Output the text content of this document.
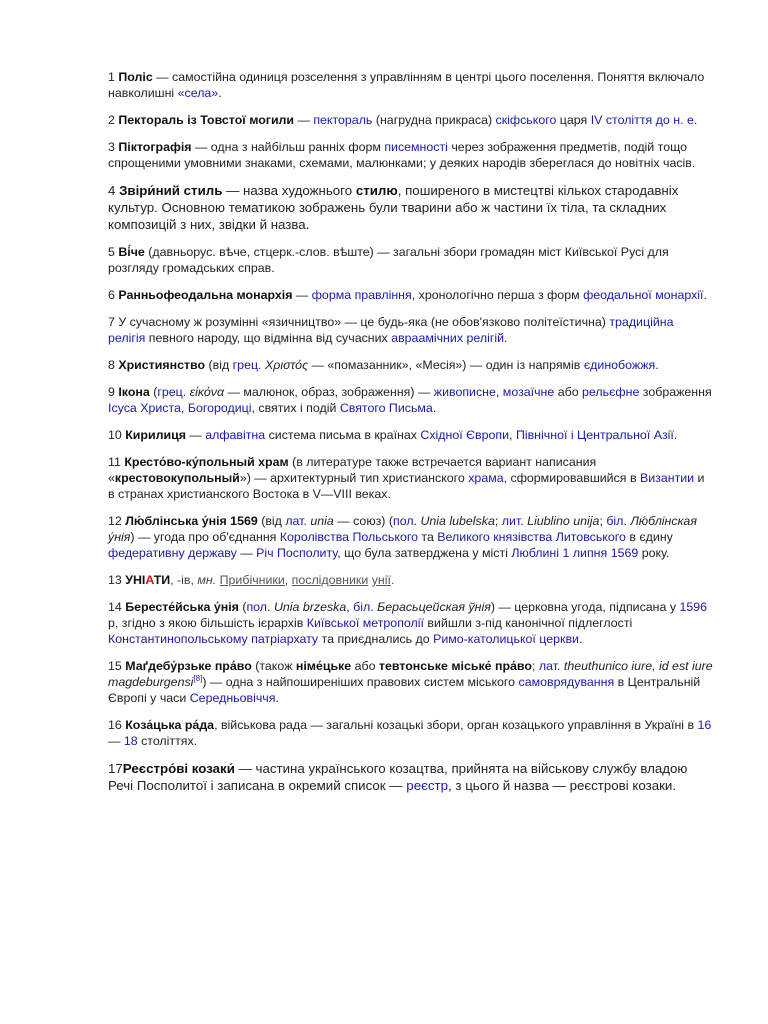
1 Поліс — самостійна одиниця розселення з управлінням в центрі цього поселення. Поняття включало навколишні «села».

2 Пектораль із Товстої могили — пектораль (нагрудна прикраса) скіфського царя IV століття до н. е.

3 Піктографія — одна з найбільш ранніх форм писемності через зображення предметів, подій тощо спрощеними умовними знаками, схемами, малюнками; у деяких народів збереглася до новітніх часів.

4 Звіри́ний стиль — назва художнього стилю, поширеного в мистецтві кількох стародавніх культур. Основною тематикою зображень були тварини або ж частини їх тіла, та складних композицій з них, звідки й назва.

5 Ві́че (давньорус. вѣче, стцерк.-слов. вѣште) — загальні збори громадян міст Київської Русі для розгляду громадських справ.

6 Ранньофеодальна монархія — форма правління, хронологічно перша з форм феодальної монархії.

7 У сучасному ж розумінні «язичництво» — це будь-яка (не обов'язково політеїстична) традиційна релігія певного народу, що відмінна від сучасних авраамічних релігій.

8 Християнство (від грец. Χριστός — «помазанник», «Месія») — один із напрямів єдинобожжя.

9 Ікона (грец. εἰκόνα — малюнок, образ, зображення) — живописне, мозаїчне або рельєфне зображення Ісуса Христа, Богородиці, святих і подій Святого Письма.

10 Кирилиця — алфавітна система письма в країнах Східної Європи, Північної і Центральної Азії.

11 Кресто́во-ку́польный храм (в литературе также встречается вариант написания «крестовокупольный») — архитектурный тип христианского храма, сформировавшийся в Византии и в странах христианского Востока в V—VIII веках.

12 Лю́блінська у́нія 1569 (від лат. unia — союз) (пол. Unia lubelska; лит. Liublino unija; біл. Лю́блінская у́нія) — угода про об'єднання Королівства Польського та Великого князівства Литовського в єдину федеративну державу — Річ Посполиту, що була затверджена у місті Люблині 1 липня 1569 року.

13 УНІАТИ, -ів, мн. Прибічники, послідовники унії.

14 Бересте́йська у́нія (пол. Unia brzeska, біл. Берасьцейская ўнія) — церковна угода, підписана у 1596 р, згідно з якою більшість ієрархів Київської метрополії вийшли з-під канонічної підлеглості Константинопольському патріархату та приєднались до Римо-католицької церкви.

15 Маґдебу́рзьке пра́во (також німе́цьке або тевтонське міське́ пра́во; лат. theuthunico iure, id est iure magdeburgensi[8]) — одна з найпоширеніших правових систем міського самоврядування в Центральній Європі у часи Середньовіччя.

16 Коза́цька ра́да, військова рада — загальні козацькі збори, орган козацького управління в Україні в 16 — 18 століттях.

17Реєстро́ві козаки́ — частина українського козацтва, прийнята на військову службу владою Речі Посполитої і записана в окремий список — реєстр, з цього й назва — реєстрові козаки.
